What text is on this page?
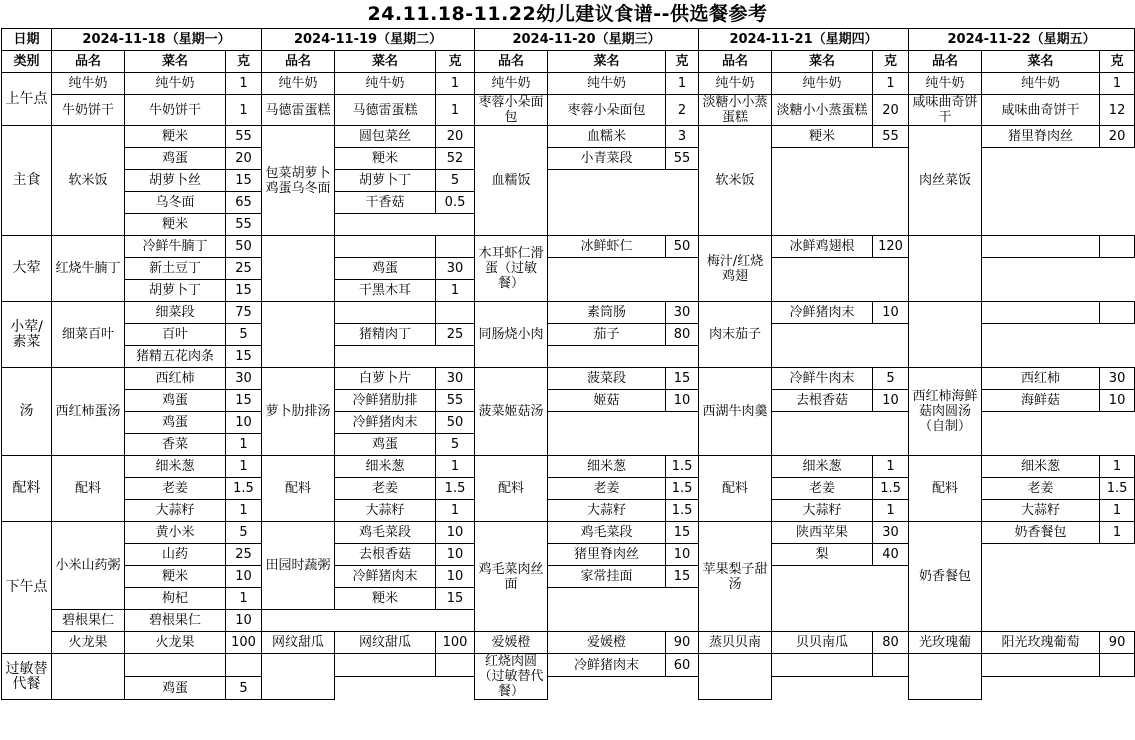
24.11.18-11.22幼儿建议食谱--供选餐参考
日期	2024-11-18（星期一）			2024-11-19（星期二）			2024-11-20（星期三）			2024-11-21（星期四）			2024-11-22（星期五）		
类别	品名	菜名	克	品名	菜名	克	品名	菜名	克	品名	菜名	克	品名	菜名	克
上午点	纯牛奶	纯牛奶	1	纯牛奶	纯牛奶	1	纯牛奶	纯牛奶	1	纯牛奶	纯牛奶	1	纯牛奶	纯牛奶	1
	牛奶饼干	牛奶饼干	1	马德雷蛋糕	马德雷蛋糕	1	枣蓉小朵面包	枣蓉小朵面包	2	淡糖小小蒸蛋糕	淡糖小小蒸蛋糕	20	咸味曲奇饼干	咸味曲奇饼干	12
主食	软米饭	粳米	55	包菜胡萝卜鸡蛋乌冬面	圆包菜丝	20	血糯饭	血糯米	3	软米饭	粳米	55	肉丝菜饭	猪里脊肉丝	20
		鸡蛋	20		粳米	52		小青菜段	55						
		胡萝卜丝	15		胡萝卜丁	5									
		乌冬面	65		干香菇	0.5									
		粳米	55												
大荤	红烧牛腩丁	冷鲜牛腩丁	50				木耳虾仁滑蛋（过敏餐）	冰鲜虾仁	50	梅汁/红烧鸡翅	冰鲜鸡翅根	120			
		新土豆丁	25		鸡蛋	30									
		胡萝卜丁	15		干黑木耳	1									
小荤/素菜	细菜百叶	细菜段	75				同肠烧小肉	素筒肠	30	肉末茄子	冷鲜猪肉末	10			
		百叶	5		猪精肉丁	25		茄子	80						
		猪精五花肉条	15												
汤	西红柿蛋汤	西红柿	30	萝卜肋排汤	白萝卜片	30	菠菜姬菇汤	菠菜段	15	西湖牛肉羹	冷鲜牛肉末	5	西红柿海鲜菇肉圆汤（自制）	西红柿	30
		鸡蛋	15		冷鲜猪肋排	55		姬菇	10		去根香菇	10		海鲜菇	10
		鸡蛋	10		冷鲜猪肉末	50									
		香菜	1		鸡蛋	5									
配料	配料	细米葱	1	配料	细米葱	1	配料	细米葱	1.5	配料	细米葱	1	配料	细米葱	1
		老姜	1.5		老姜	1.5		老姜	1.5		老姜	1.5		老姜	1.5
		大蒜籽	1		大蒜籽	1		大蒜籽	1.5		大蒜籽	1		大蒜籽	1
下午点	小米山药粥	黄小米	5	田园时蔬粥	鸡毛菜段	10	鸡毛菜肉丝面	鸡毛菜段	15	苹果梨子甜汤	陕西苹果	30	奶香餐包	奶香餐包	1
		山药	25		去根香菇	10		猪里脊肉丝	10		梨	40			
		粳米	10		冷鲜猪肉末	10		家常挂面	15						
		枸杞	1		粳米	15									
	碧根果仁	碧根果仁	10												
	火龙果	火龙果	100	网纹甜瓜	网纹甜瓜	100	爱媛橙	爱媛橙	90	蒸贝贝南	贝贝南瓜	80	光玫瑰葡	阳光玫瑰葡萄	90
过敏替代餐							红烧肉圆（过敏替代餐）	冷鲜猪肉末	60						
		鸡蛋	5												
